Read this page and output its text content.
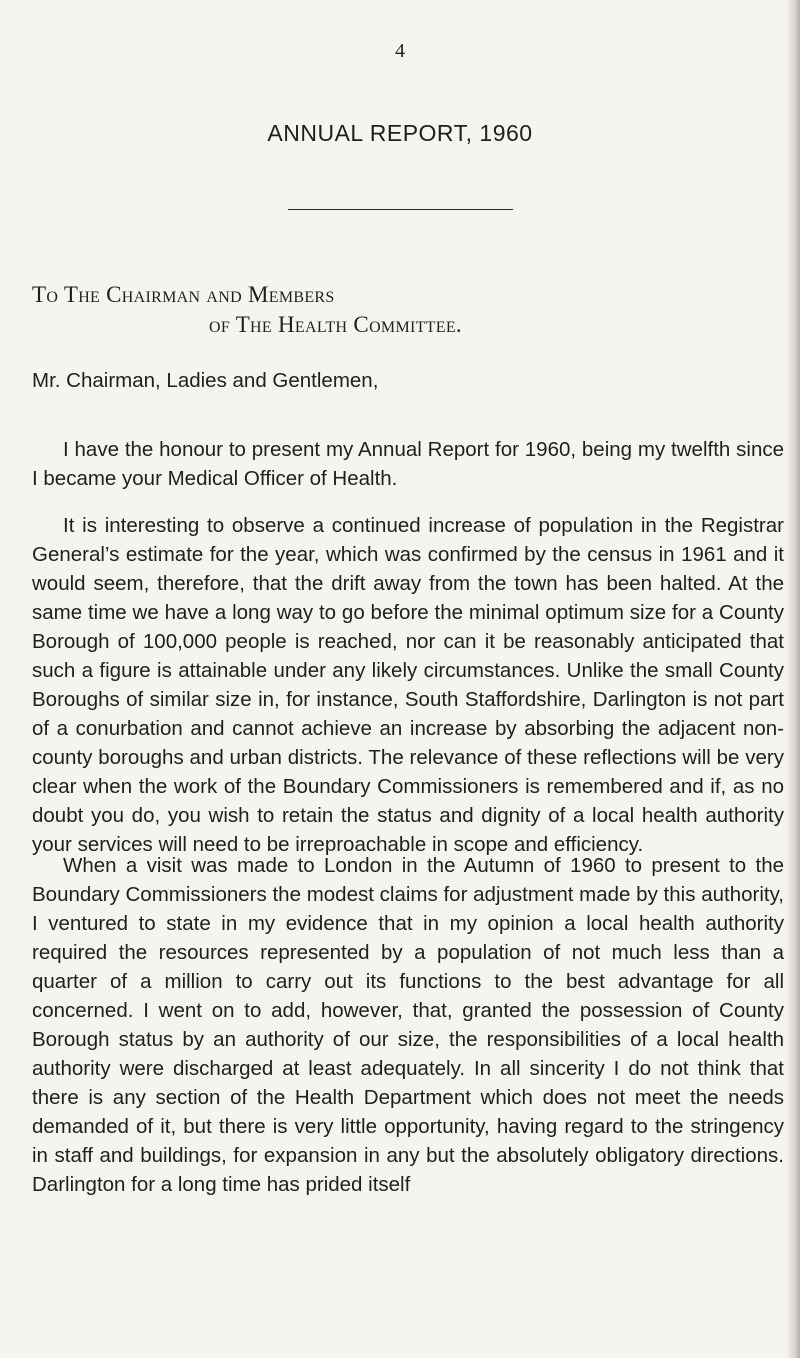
4

ANNUAL REPORT, 1960

To The Chairman and Members

of The Health Committee.

Mr. Chairman, Ladies and Gentlemen,

I have the honour to present my Annual Report for 1960, being my twelfth since I became your Medical Officer of Health.

It is interesting to observe a continued increase of population in the Registrar General’s estimate for the year, which was confirmed by the census in 1961 and it would seem, therefore, that the drift away from the town has been halted. At the same time we have a long way to go before the minimal optimum size for a County Borough of 100,000 people is reached, nor can it be reasonably anticipated that such a figure is attainable under any likely circumstances. Unlike the small County Boroughs of similar size in, for instance, South Staffordshire, Darlington is not part of a conurbation and cannot achieve an increase by absorbing the adjacent non-county boroughs and urban districts. The relevance of these reflections will be very clear when the work of the Boundary Commissioners is remembered and if, as no doubt you do, you wish to retain the status and dignity of a local health authority your services will need to be irreproachable in scope and efficiency.

When a visit was made to London in the Autumn of 1960 to present to the Boundary Commissioners the modest claims for adjustment made by this authority, I ventured to state in my evidence that in my opinion a local health authority required the resources represented by a population of not much less than a quarter of a million to carry out its functions to the best advantage for all concerned. I went on to add, however, that, granted the possession of County Borough status by an authority of our size, the responsibilities of a local health authority were discharged at least adequately. In all sincerity I do not think that there is any section of the Health Department which does not meet the needs demanded of it, but there is very little opportunity, having regard to the stringency in staff and buildings, for expansion in any but the absolutely obligatory directions. Darlington for a long time has prided itself
